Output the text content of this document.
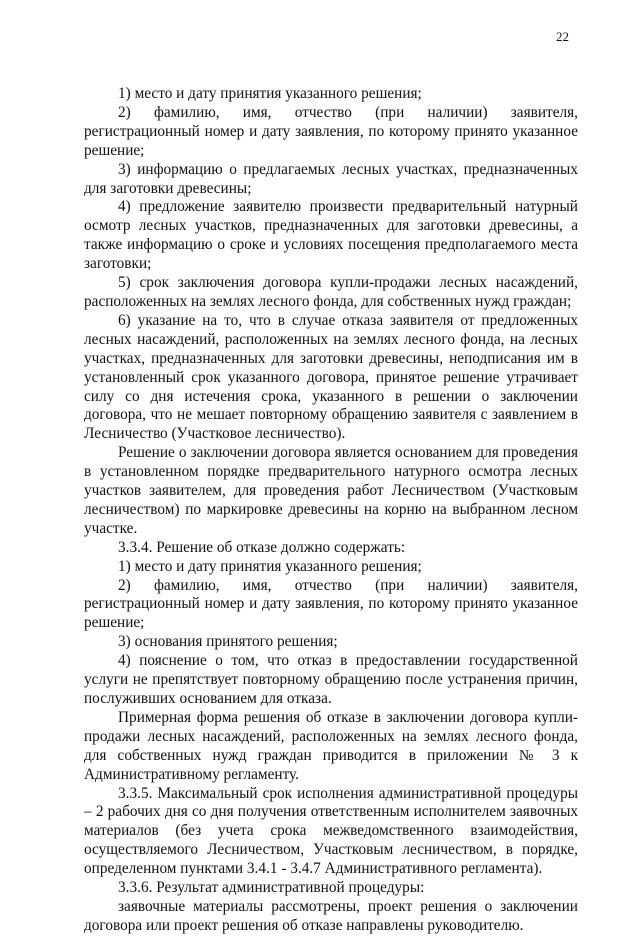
22

1) место и дату принятия указанного решения;

2) фамилию, имя, отчество (при наличии) заявителя, регистрационный номер и дату заявления, по которому принято указанное решение;

3) информацию о предлагаемых лесных участках, предназначенных для заготовки древесины;

4) предложение заявителю произвести предварительный натурный осмотр лесных участков, предназначенных для заготовки древесины, а также информацию о сроке и условиях посещения предполагаемого места заготовки;

5) срок заключения договора купли-продажи лесных насаждений, расположенных на землях лесного фонда, для собственных нужд граждан;

6) указание на то, что в случае отказа заявителя от предложенных лесных насаждений, расположенных на землях лесного фонда, на лесных участках, предназначенных для заготовки древесины, неподписания им в установленный срок указанного договора, принятое решение утрачивает силу со дня истечения срока, указанного в решении о заключении договора, что не мешает повторному обращению заявителя с заявлением в Лесничество (Участковое лесничество).

Решение о заключении договора является основанием для проведения в установленном порядке предварительного натурного осмотра лесных участков заявителем, для проведения работ Лесничеством (Участковым лесничеством) по маркировке древесины на корню на выбранном лесном участке.

3.3.4. Решение об отказе должно содержать:

1) место и дату принятия указанного решения;

2) фамилию, имя, отчество (при наличии) заявителя, регистрационный номер и дату заявления, по которому принято указанное решение;

3) основания принятого решения;

4) пояснение о том, что отказ в предоставлении государственной услуги не препятствует повторному обращению после устранения причин, послуживших основанием для отказа.

Примерная форма решения об отказе в заключении договора купли-продажи лесных насаждений, расположенных на землях лесного фонда, для собственных нужд граждан приводится в приложении № 3 к Административному регламенту.

3.3.5. Максимальный срок исполнения административной процедуры – 2 рабочих дня со дня получения ответственным исполнителем заявочных материалов (без учета срока межведомственного взаимодействия, осуществляемого Лесничеством, Участковым лесничеством, в порядке, определенном пунктами 3.4.1 - 3.4.7 Административного регламента).

3.3.6. Результат административной процедуры:

заявочные материалы рассмотрены, проект решения о заключении договора или проект решения об отказе направлены руководителю.
